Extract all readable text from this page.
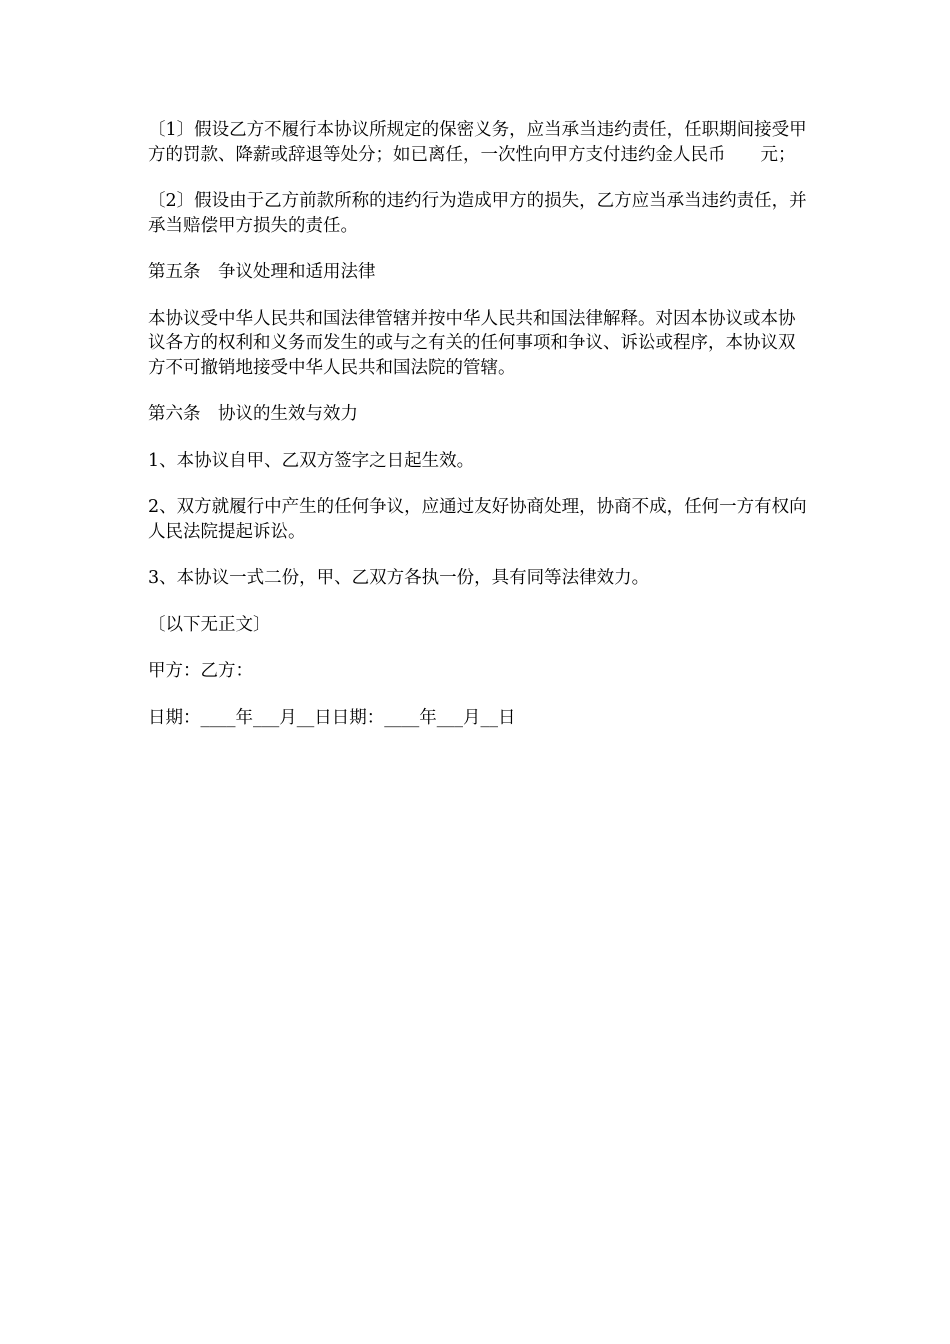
〔1〕假设乙方不履行本协议所规定的保密义务，应当承当违约责任，任职期间接受甲方的罚款、降薪或辞退等处分；如已离任，一次性向甲方支付违约金人民币　　元；

〔2〕假设由于乙方前款所称的违约行为造成甲方的损失，乙方应当承当违约责任，并承当赔偿甲方损失的责任。

第五条　争议处理和适用法律

本协议受中华人民共和国法律管辖并按中华人民共和国法律解释。对因本协议或本协议各方的权利和义务而发生的或与之有关的任何事项和争议、诉讼或程序，本协议双方不可撤销地接受中华人民共和国法院的管辖。

第六条　协议的生效与效力

1、本协议自甲、乙双方签字之日起生效。

2、双方就履行中产生的任何争议，应通过友好协商处理，协商不成，任何一方有权向人民法院提起诉讼。

3、本协议一式二份，甲、乙双方各执一份，具有同等法律效力。

〔以下无正文〕

甲方：乙方：

日期：____年___月__日日期：____年___月__日
